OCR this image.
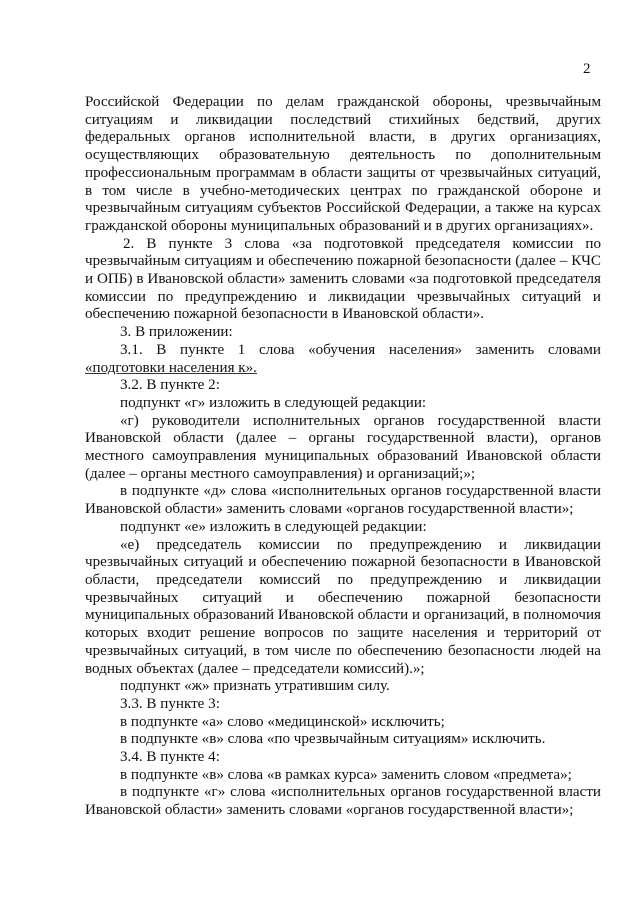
2

Российской Федерации по делам гражданской обороны, чрезвычайным ситуациям и ликвидации последствий стихийных бедствий, других федеральных органов исполнительной власти, в других организациях, осуществляющих образовательную деятельность по дополнительным профессиональным программам в области защиты от чрезвычайных ситуаций, в том числе в учебно-методических центрах по гражданской обороне и чрезвычайным ситуациям субъектов Российской Федерации, а также на курсах гражданской обороны муниципальных образований и в других организациях».

2. В пункте 3 слова «за подготовкой председателя комиссии по чрезвычайным ситуациям и обеспечению пожарной безопасности (далее – КЧС и ОПБ) в Ивановской области» заменить словами «за подготовкой председателя комиссии по предупреждению и ликвидации чрезвычайных ситуаций и обеспечению пожарной безопасности в Ивановской области».

3. В приложении:

3.1. В пункте 1 слова «обучения населения» заменить словами «подготовки населения к».

3.2. В пункте 2:

подпункт «г» изложить в следующей редакции:

«г) руководители исполнительных органов государственной власти Ивановской области (далее – органы государственной власти), органов местного самоуправления муниципальных образований Ивановской области (далее – органы местного самоуправления) и организаций;»;

в подпункте «д» слова «исполнительных органов государственной власти Ивановской области» заменить словами «органов государственной власти»;

подпункт «е» изложить в следующей редакции:

«е) председатель комиссии по предупреждению и ликвидации чрезвычайных ситуаций и обеспечению пожарной безопасности в Ивановской области, председатели комиссий по предупреждению и ликвидации чрезвычайных ситуаций и обеспечению пожарной безопасности муниципальных образований Ивановской области и организаций, в полномочия которых входит решение вопросов по защите населения и территорий от чрезвычайных ситуаций, в том числе по обеспечению безопасности людей на водных объектах (далее – председатели комиссий).»;

подпункт «ж» признать утратившим силу.

3.3. В пункте 3:

в подпункте «а» слово «медицинской» исключить;

в подпункте «в» слова «по чрезвычайным ситуациям» исключить.

3.4. В пункте 4:

в подпункте «в» слова «в рамках курса» заменить словом «предмета»;

в подпункте «г» слова «исполнительных органов государственной власти Ивановской области» заменить словами «органов государственной власти»;
